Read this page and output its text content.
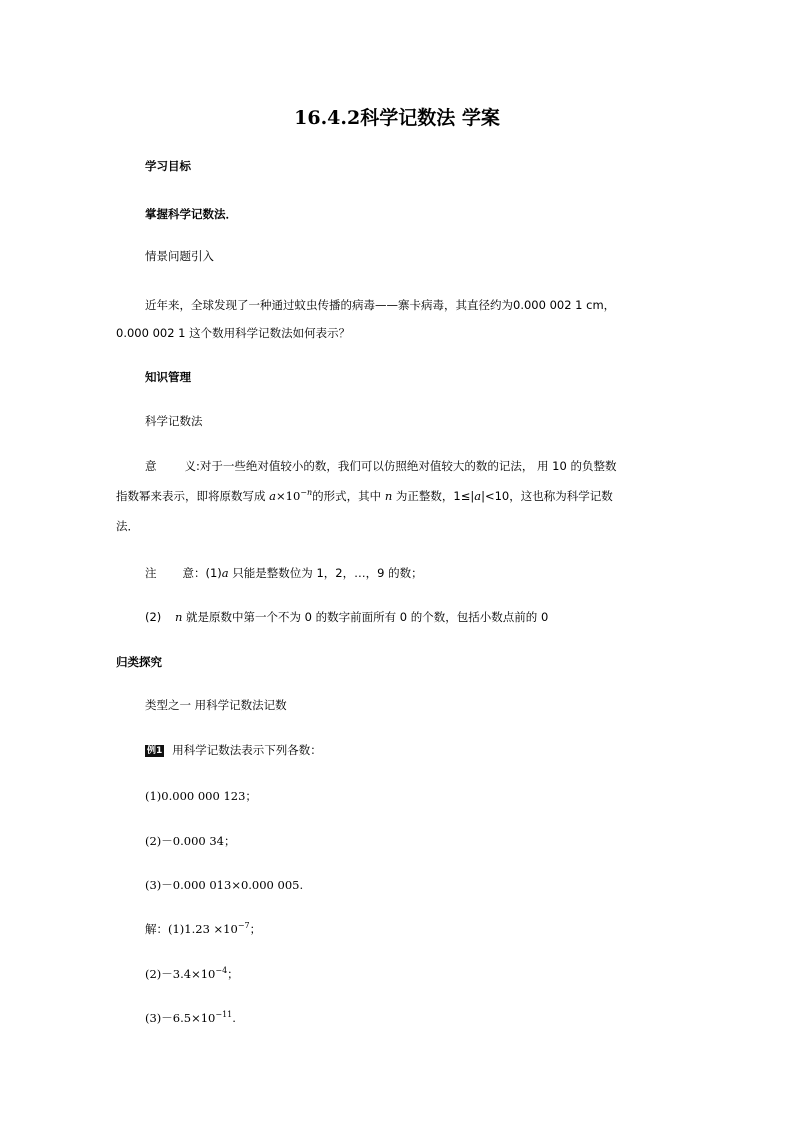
16.4.2科学记数法 学案
学习目标
掌握科学记数法．
情景问题引入
近年来，全球发现了一种通过蚊虫传播的病毒——寨卡病毒，其直径约为0.000 002 1 cm，
0.000 002 1 这个数用科学记数法如何表示？
知识管理
科学记数法
意 义:对于一些绝对值较小的数，我们可以仿照绝对值较大的数的记法， 用 10 的负整数
指数幂来表示，即将原数写成 $a\times 10^{-n}$的形式，其中 n 为正整数，1≤|a|<10，这也称为科学记数
法．
注 意：(1)a 只能是整数位为 1，2，…，9 的数；
(2) n 就是原数中第一个不为 0 的数字前面所有 0 的个数，包括小数点前的 0
归类探究
类型之一 用科学记数法记数
例1 用科学记数法表示下列各数：
(1)0.000 000 123；
(2)－0.000 34；
(3)－0.000 013×0.000 005.
解：$(1)1.23 \times 10^{-7}$；
$(2)-3.4\times 10^{-4}$；
$(3)-6.5\times 10^{-11}$.
